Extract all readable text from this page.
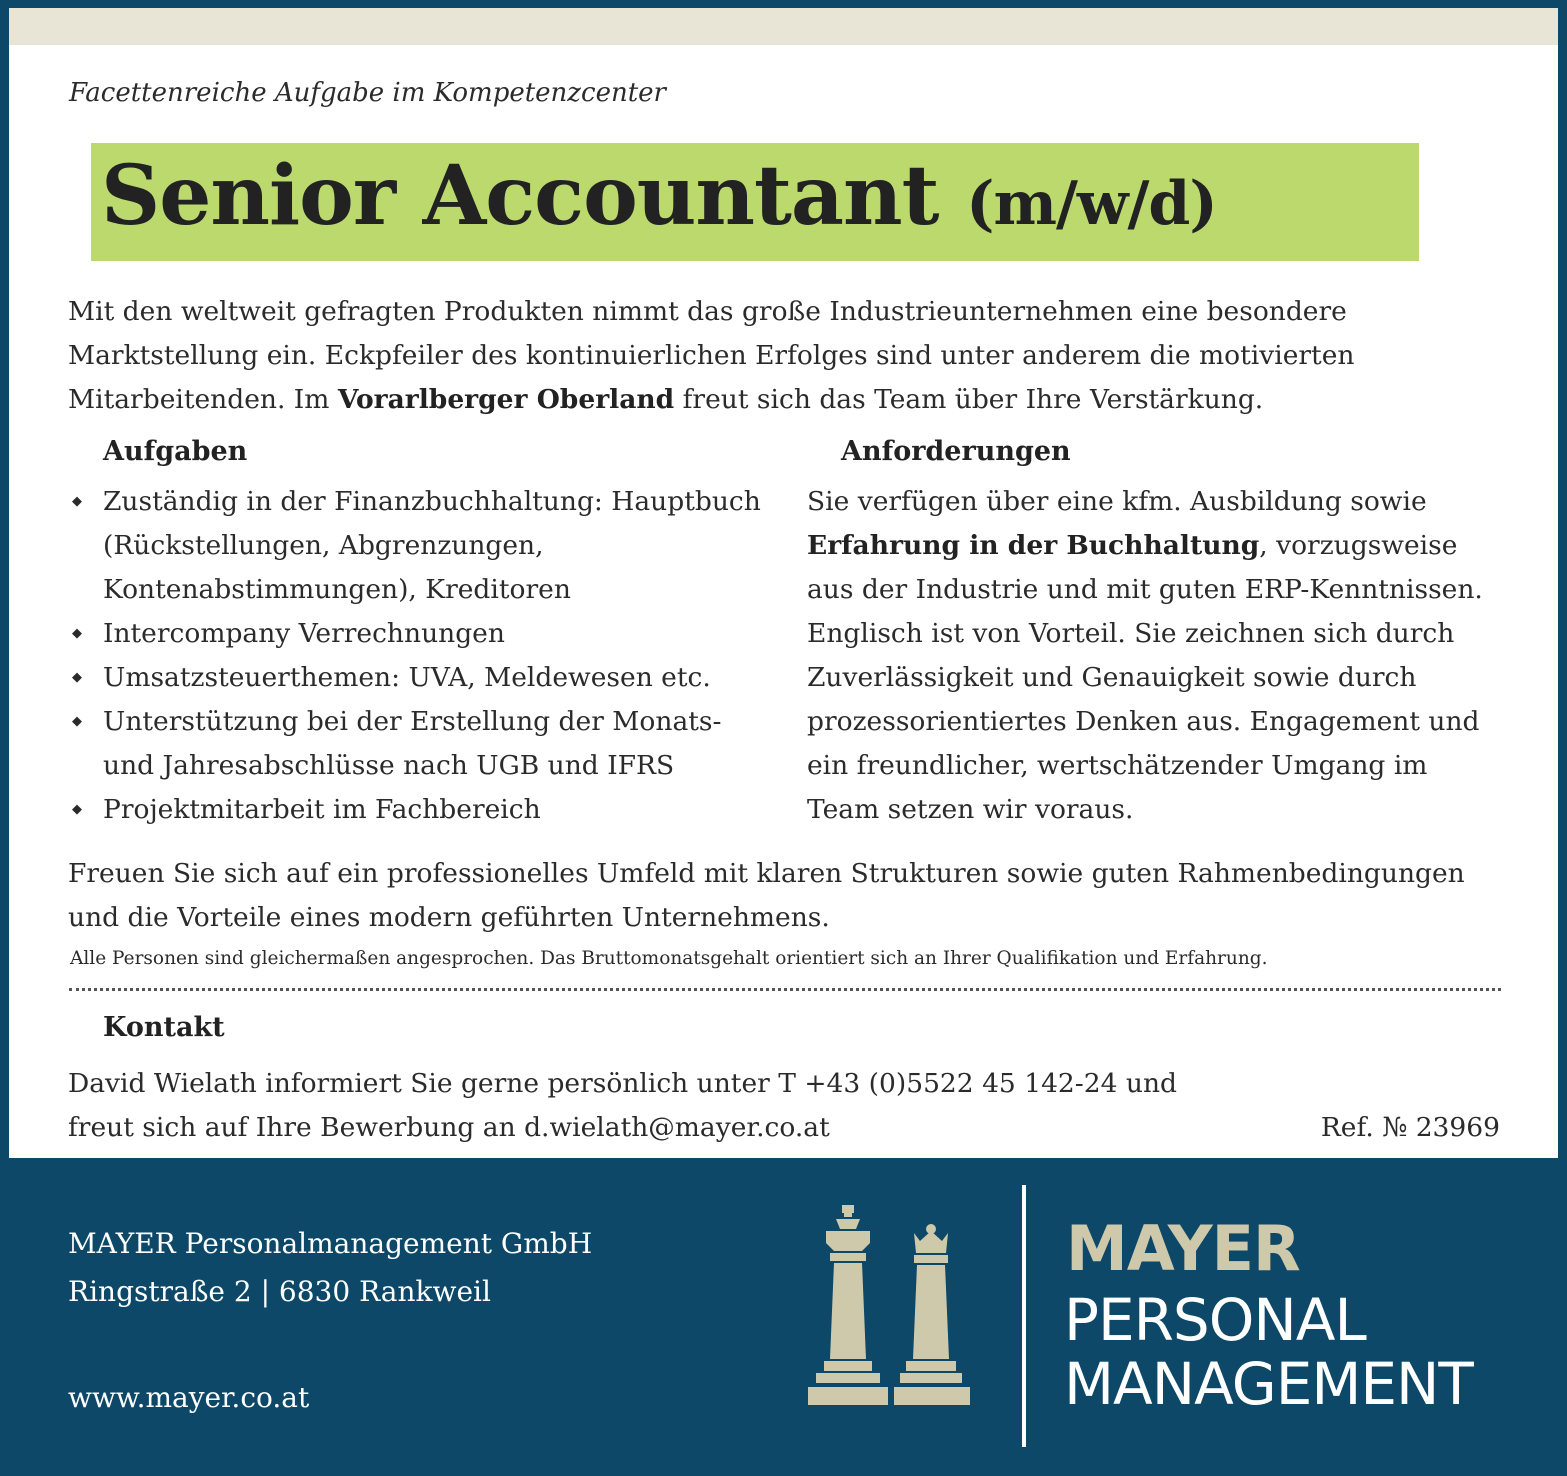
Facettenreiche Aufgabe im Kompetenzcenter
Senior Accountant (m/w/d)
Mit den weltweit gefragten Produkten nimmt das große Industrieunternehmen eine besondere Marktstellung ein. Eckpfeiler des kontinuierlichen Erfolges sind unter anderem die motivierten Mitarbeitenden. Im Vorarlberger Oberland freut sich das Team über Ihre Verstärkung.
Aufgaben	Anforderungen
◆ Zuständig in der Finanzbuchhaltung: Hauptbuch (Rückstellungen, Abgrenzungen, Kontenabstimmungen), Kreditoren
◆ Intercompany Verrechnungen
◆ Umsatzsteuerthemen: UVA, Meldewesen etc.
◆ Unterstützung bei der Erstellung der Monats- und Jahresabschlüsse nach UGB und IFRS
◆ Projektmitarbeit im Fachbereich
Sie verfügen über eine kfm. Ausbildung sowie Erfahrung in der Buchhaltung, vorzugsweise aus der Industrie und mit guten ERP-Kenntnissen. Englisch ist von Vorteil. Sie zeichnen sich durch Zuverlässigkeit und Genauigkeit sowie durch prozessorientiertes Denken aus. Engagement und ein freundlicher, wertschätzender Umgang im Team setzen wir voraus.
Freuen Sie sich auf ein professionelles Umfeld mit klaren Strukturen sowie guten Rahmenbedingungen und die Vorteile eines modern geführten Unternehmens.
Alle Personen sind gleichermaßen angesprochen. Das Bruttomonatsgehalt orientiert sich an Ihrer Qualifikation und Erfahrung.
Kontakt
David Wielath informiert Sie gerne persönlich unter T +43 (0)5522 45 142-24 und
freut sich auf Ihre Bewerbung an d.wielath@mayer.co.at	Ref. № 23969
MAYER Personalmanagement GmbH
Ringstraße 2 | 6830 Rankweil
www.mayer.co.at
MAYER
PERSONAL
MANAGEMENT
